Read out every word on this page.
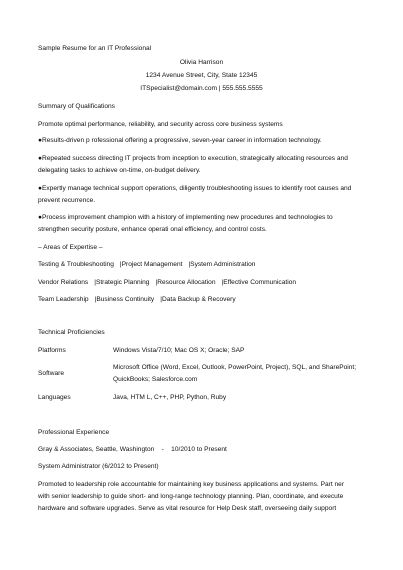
Sample Resume for an IT Professional
Olivia Harrison
1234 Avenue Street, City, State 12345
ITSpecialist@domain.com | 555.555.5555
Summary of Qualifications
Promote optimal performance, reliability, and security across core business systems
●Results-driven p rofessional offering a progressive, seven-year career in information technology.
●Repeated success directing IT projects from inception to execution, strategically allocating resources and delegating tasks to achieve on-time, on-budget delivery.
●Expertly manage technical support operations, diligently troubleshooting issues to identify root causes and prevent recurrence.
●Process improvement champion with a history of implementing new procedures and technologies to strengthen security posture, enhance operati onal efficiency, and control costs.
– Areas of Expertise –
Testing & Troubleshooting |Project Management |System Administration
Vendor Relations |Strategic Planning |Resource Allocation |Effective Communication
Team Leadership |Business Continuity |Data Backup & Recovery
Technical Proficiencies
Platforms	Windows Vista/7/10; Mac OS X; Oracle; SAP
Software
Microsoft Office (Word, Excel, Outlook, PowerPoint, Project), SQL, and SharePoint; QuickBooks; Salesforce.com
Languages	Java, HTM L, C++, PHP, Python, Ruby
Professional Experience
Gray & Associates, Seattle, Washington    -    10/2010 to Present
System Administrator (6/2012 to Present)
Promoted to leadership role accountable for maintaining key business applications and systems. Part ner with senior leadership to guide short- and long-range technology planning. Plan, coordinate, and execute hardware and software upgrades. Serve as vital resource for Help Desk staff, overseeing daily support
